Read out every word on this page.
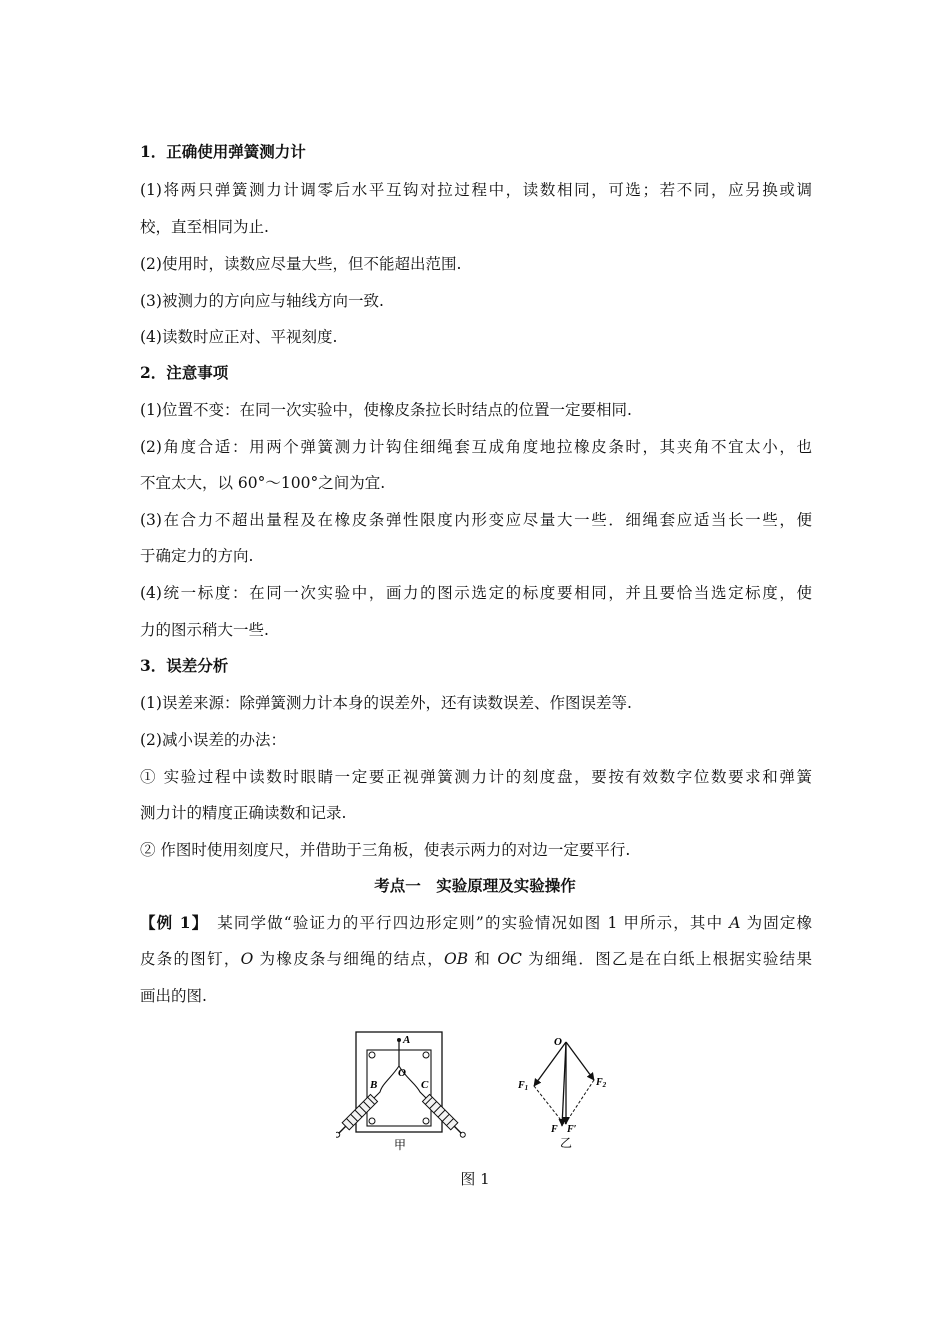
1．正确使用弹簧测力计
(1)将两只弹簧测力计调零后水平互钩对拉过程中，读数相同，可选；若不同，应另换或调
校，直至相同为止.
(2)使用时，读数应尽量大些，但不能超出范围.
(3)被测力的方向应与轴线方向一致.
(4)读数时应正对、平视刻度.
2．注意事项
(1)位置不变：在同一次实验中，使橡皮条拉长时结点的位置一定要相同.
(2)角度合适：用两个弹簧测力计钩住细绳套互成角度地拉橡皮条时，其夹角不宜太小，也
不宜太大，以 60°～100°之间为宜.
(3)在合力不超出量程及在橡皮条弹性限度内形变应尽量大一些．细绳套应适当长一些，便
于确定力的方向.
(4)统一标度：在同一次实验中，画力的图示选定的标度要相同，并且要恰当选定标度，使
力的图示稍大一些.
3．误差分析
(1)误差来源：除弹簧测力计本身的误差外，还有读数误差、作图误差等.
(2)减小误差的办法：
① 实验过程中读数时眼睛一定要正视弹簧测力计的刻度盘，要按有效数字位数要求和弹簧
测力计的精度正确读数和记录.
② 作图时使用刻度尺，并借助于三角板，使表示两力的对边一定要平行.
考点一　实验原理及实验操作
【例 1】　 某同学做“验证力的平行四边形定则”的实验情况如图 1 甲所示，其中 A 为固定橡
皮条的图钉，O 为橡皮条与细绳的结点，OB 和 OC 为细绳．图乙是在白纸上根据实验结果
画出的图.
A
O
B	C
甲
O
$F_1$	$F_2$
F F′
乙
图 1
